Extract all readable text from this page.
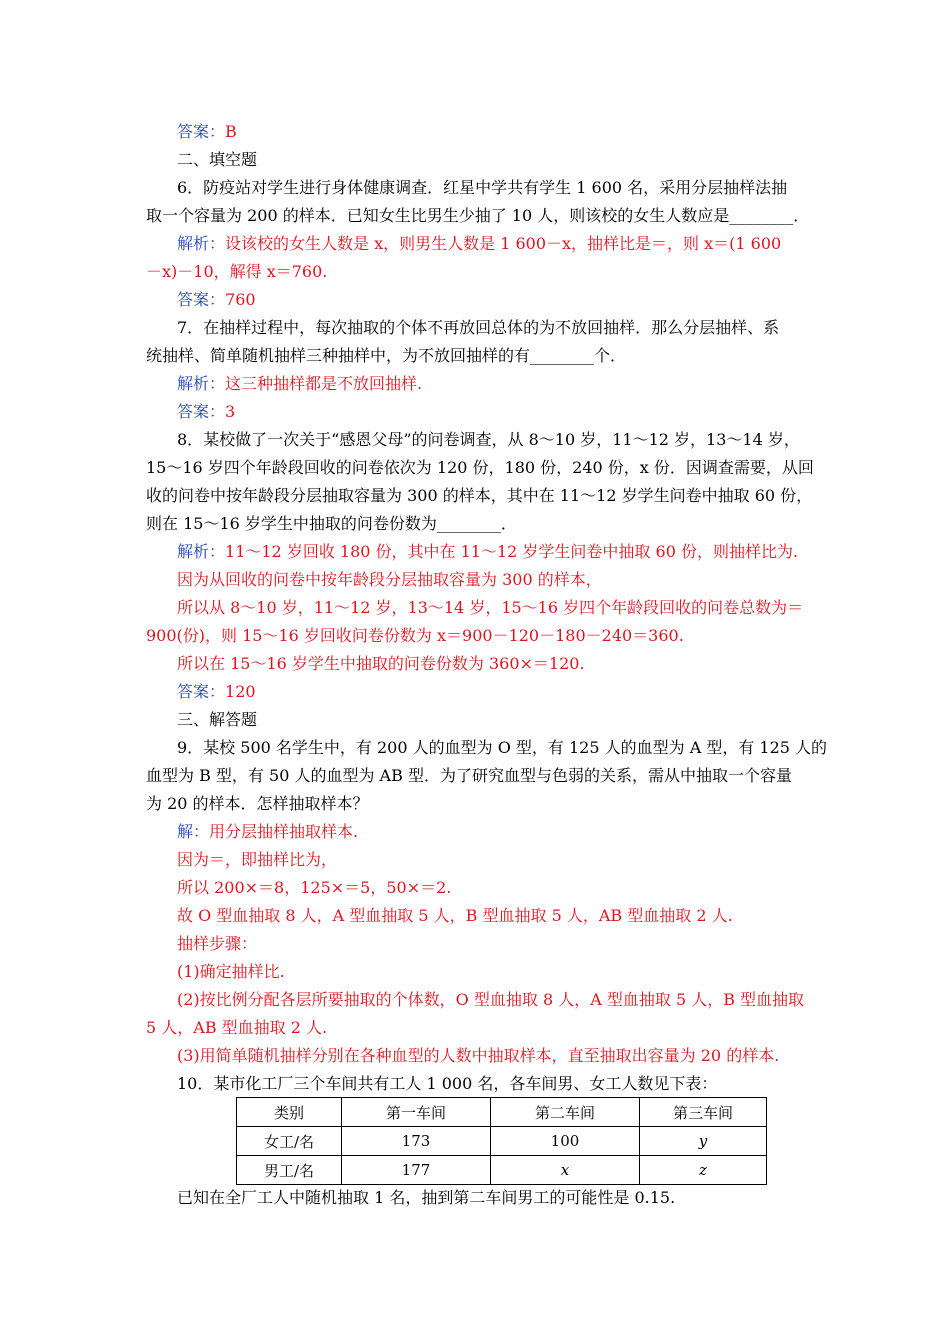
答案：B
二、填空题
6．防疫站对学生进行身体健康调查．红星中学共有学生 1 600 名，采用分层抽样法抽
取一个容量为 200 的样本．已知女生比男生少抽了 10 人，则该校的女生人数应是________．
解析：设该校的女生人数是 x，则男生人数是 1 600－x，抽样比是＝，则 x＝(1 600
－x)－10，解得 x＝760.
答案：760
7．在抽样过程中，每次抽取的个体不再放回总体的为不放回抽样．那么分层抽样、系
统抽样、简单随机抽样三种抽样中，为不放回抽样的有________个．
解析：这三种抽样都是不放回抽样.
答案：3
8．某校做了一次关于“感恩父母”的问卷调查，从 8～10 岁，11～12 岁，13～14 岁，
15～16 岁四个年龄段回收的问卷依次为 120 份，180 份，240 份，x 份．因调查需要，从回
收的问卷中按年龄段分层抽取容量为 300 的样本，其中在 11～12 岁学生问卷中抽取 60 份，
则在 15～16 岁学生中抽取的问卷份数为________．
解析：11～12 岁回收 180 份，其中在 11～12 岁学生问卷中抽取 60 份，则抽样比为.
因为从回收的问卷中按年龄段分层抽取容量为 300 的样本，
所以从 8～10 岁，11～12 岁，13～14 岁，15～16 岁四个年龄段回收的问卷总数为＝
900(份)，则 15～16 岁回收问卷份数为 x＝900－120－180－240＝360.
所以在 15～16 岁学生中抽取的问卷份数为 360×＝120.
答案：120
三、解答题
9．某校 500 名学生中，有 200 人的血型为 O 型，有 125 人的血型为 A 型，有 125 人的
血型为 B 型，有 50 人的血型为 AB 型．为了研究血型与色弱的关系，需从中抽取一个容量
为 20 的样本．怎样抽取样本？
解：用分层抽样抽取样本.
因为＝，即抽样比为，
所以 200×＝8，125×＝5，50×＝2.
故 O 型血抽取 8 人，A 型血抽取 5 人，B 型血抽取 5 人，AB 型血抽取 2 人.
抽样步骤：
(1)确定抽样比.
(2)按比例分配各层所要抽取的个体数，O 型血抽取 8 人，A 型血抽取 5 人，B 型血抽取
5 人，AB 型血抽取 2 人.
(3)用简单随机抽样分别在各种血型的人数中抽取样本，直至抽取出容量为 20 的样本.
10．某市化工厂三个车间共有工人 1 000 名，各车间男、女工人数见下表：
类别	第一车间	第二车间	第三车间
女工/名	173	100	y
男工/名	177	x	z
已知在全厂工人中随机抽取 1 名，抽到第二车间男工的可能性是 0.15.
